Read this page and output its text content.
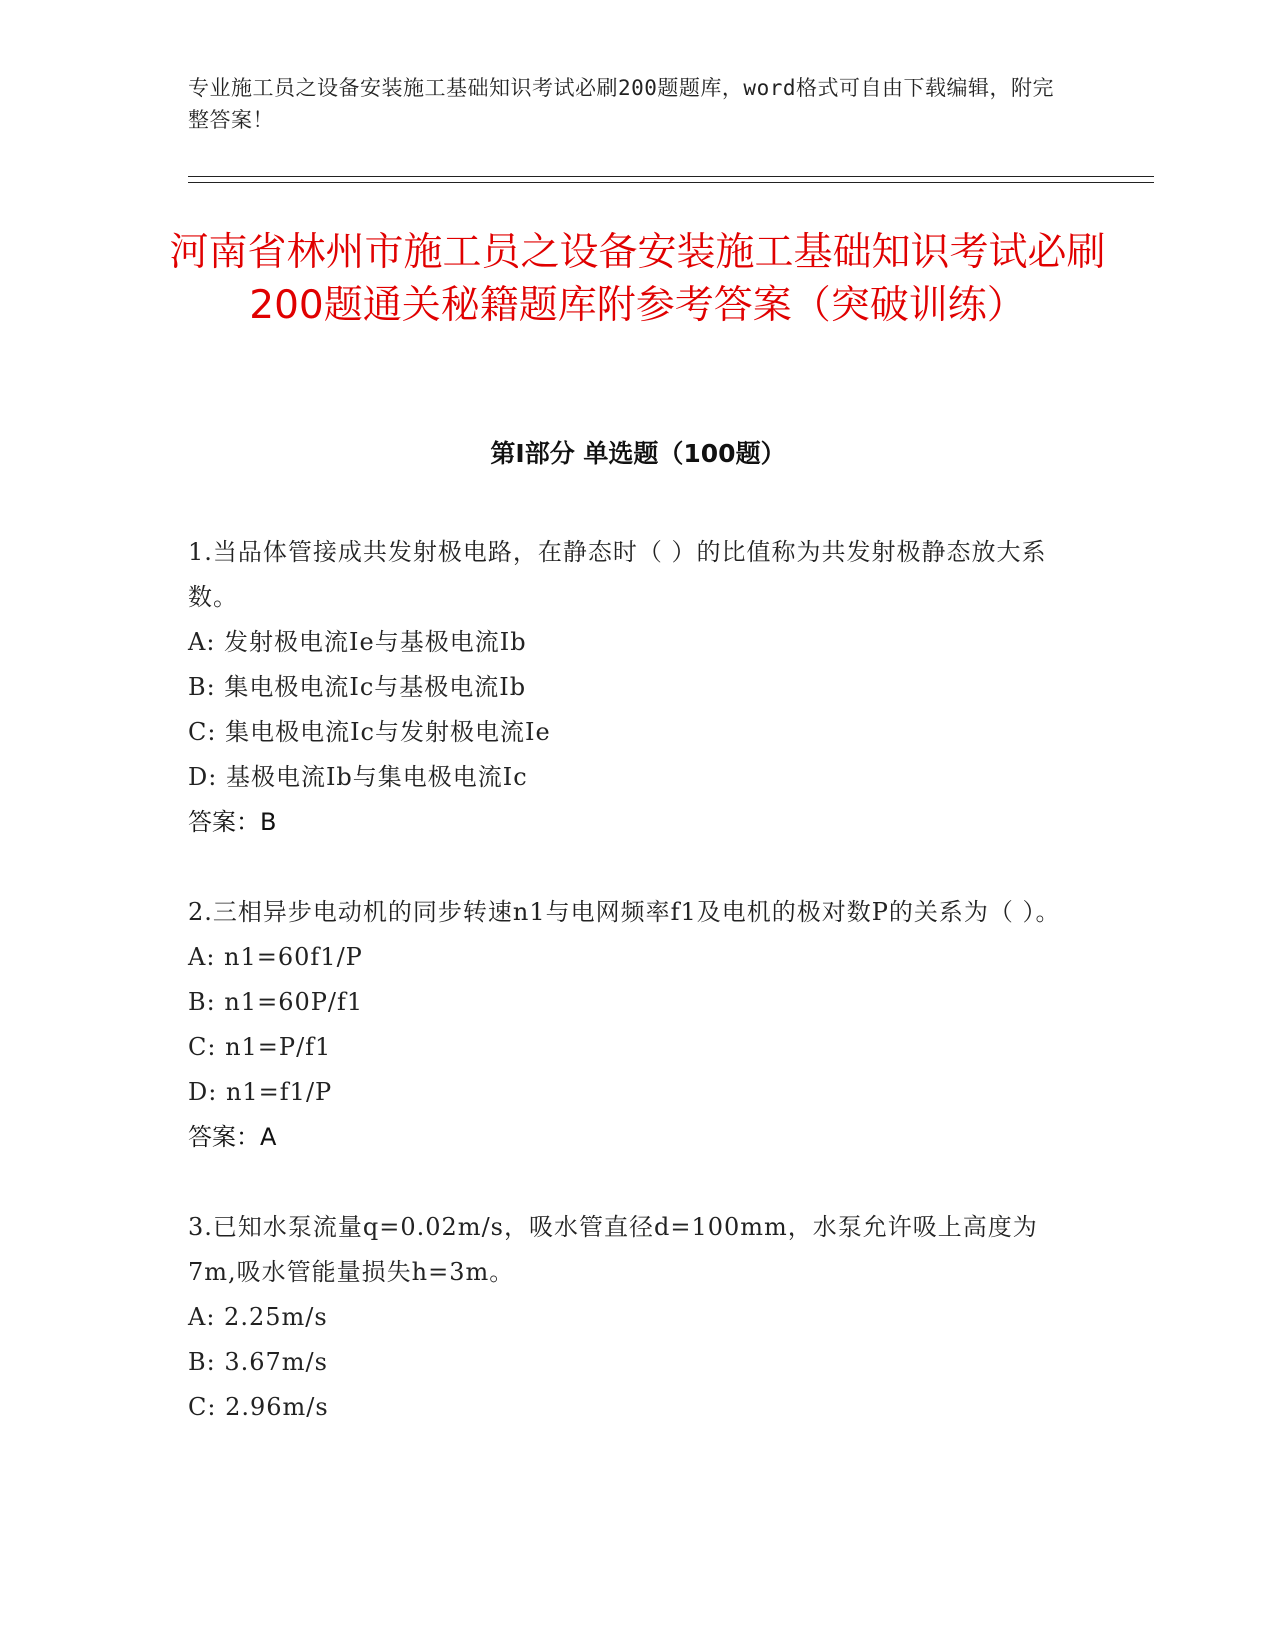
专业施工员之设备安装施工基础知识考试必刷200题题库，word格式可自由下载编辑，附完整答案！
河南省林州市施工员之设备安装施工基础知识考试必刷200题通关秘籍题库附参考答案（突破训练）
第I部分 单选题（100题）
1.当品体管接成共发射极电路，在静态时（ ）的比值称为共发射极静态放大系数。
A: 发射极电流Ie与基极电流Ib
B: 集电极电流Ic与基极电流Ib
C: 集电极电流Ic与发射极电流Ie
D: 基极电流Ib与集电极电流Ic
答案：B
2.三相异步电动机的同步转速n1与电网频率f1及电机的极对数P的关系为（ ）。
A: n1=60f1/P
B: n1=60P/f1
C: n1=P/f1
D: n1=f1/P
答案：A
3.已知水泵流量q=0.02m/s，吸水管直径d=100mm，水泵允许吸上高度为7m,吸水管能量损失h=3m。
A: 2.25m/s
B: 3.67m/s
C: 2.96m/s
